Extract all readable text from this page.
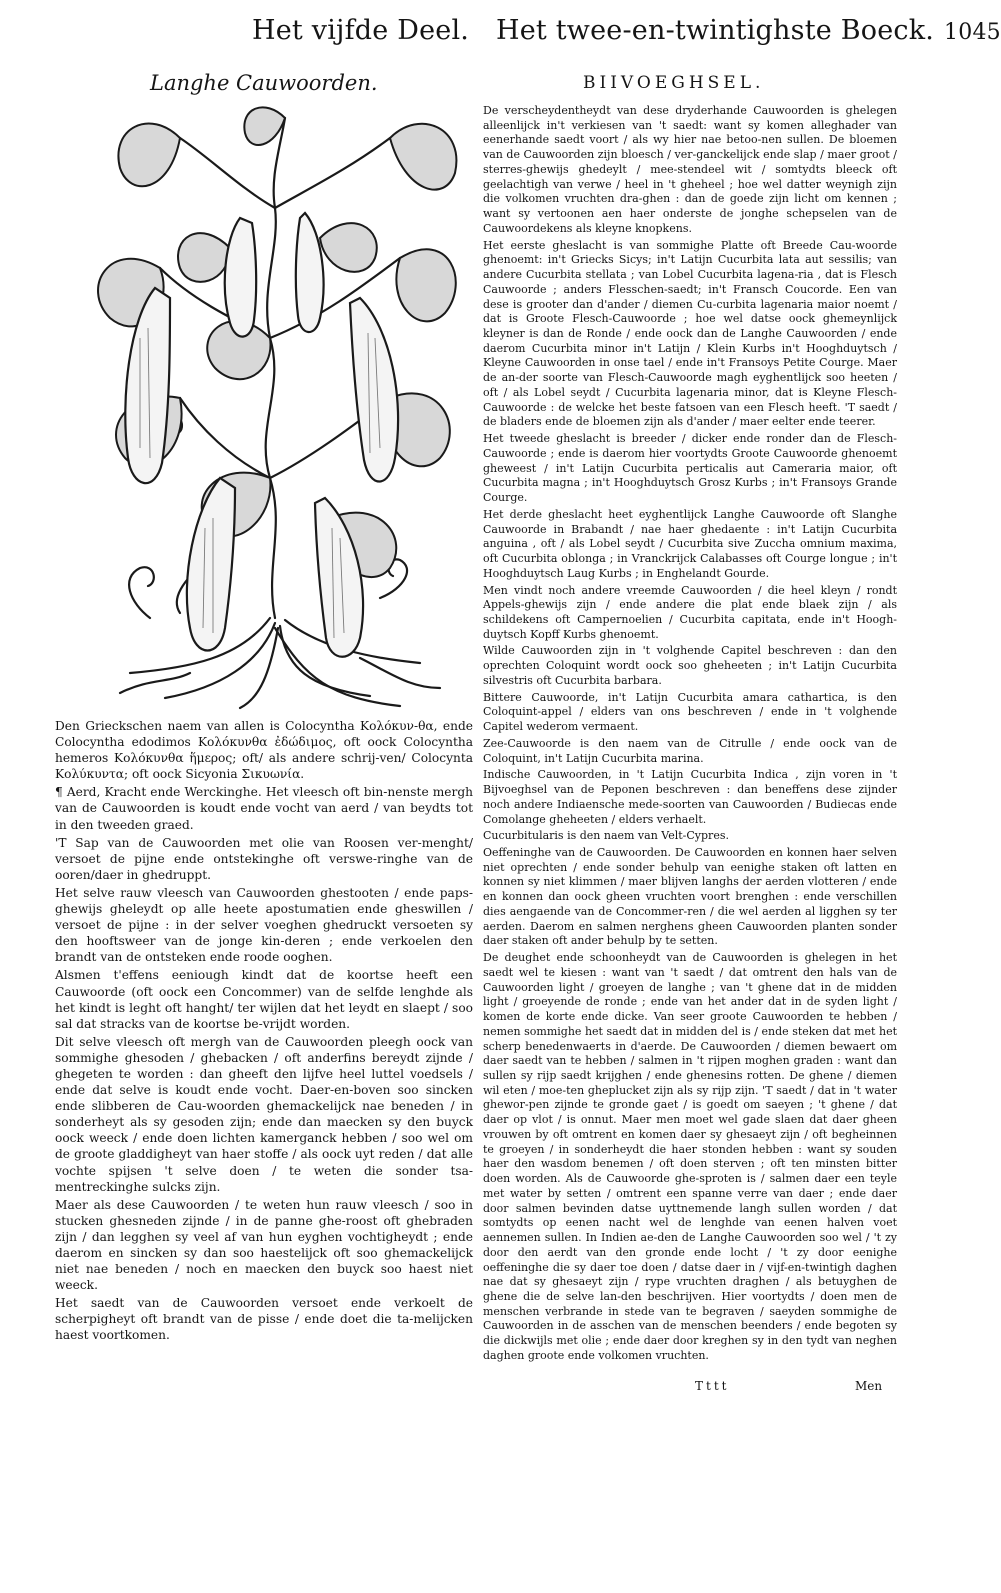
Het vijfde Deel. Het twee-en-twintighste Boeck. 1045
Langhe Cauwoorden.	BIIVOEGHSEL.

Den Grieckschen naem van allen is Colocyntha Κολόκυν-θα, ende Colocyntha edodimos Κολόκυνθα ἐδώδιμος, oft oock Colocyntha hemeros Κολόκυνθα ἥμερος; oft/ als andere schrij-ven/ Colocynta Κολύκυντα; oft oock Sicyonia Σικυωνία.

¶ Aerd, Kracht ende Werckinghe. Het vleesch oft bin-nenste mergh van de Cauwoorden is koudt ende vocht van aerd / van beydts tot in den tweeden graed.

'T Sap van de Cauwoorden met olie van Roosen ver-menght/ versoet de pijne ende ontstekinghe oft verswe-ringhe van de ooren/daer in ghedruppt.

Het selve rauw vleesch van Cauwoorden ghestooten / ende paps-ghewijs gheleydt op alle heete apostumatien ende gheswillen / versoet de pijne : in der selver voeghen ghedruckt versoeten sy den hooftsweer van de jonge kin-deren ; ende verkoelen den brandt van de ontsteken ende roode ooghen.

Alsmen t'effens eeniough kindt dat de koortse heeft een Cauwoorde (oft oock een Concommer) van de selfde lenghde als het kindt is leght oft hanght/ ter wijlen dat het leydt en slaept / soo sal dat stracks van de koortse be-vrijdt worden.

Dit selve vleesch oft mergh van de Cauwoorden pleegh oock van sommighe ghesoden / ghebacken / oft anderfins bereydt zijnde / ghegeten te worden : dan gheeft den lijfve heel luttel voedsels / ende dat selve is koudt ende vocht. Daer-en-boven soo sincken ende slibberen de Cau-woorden ghemackelijck nae beneden / in sonderheyt als sy gesoden zijn; ende dan maecken sy den buyck oock weeck / ende doen lichten kamerganck hebben / soo wel om de groote gladdigheyt van haer stoffe / als oock uyt reden / dat alle vochte spijsen 't selve doen / te weten die sonder tsa-mentreckinghe sulcks zijn.

Maer als dese Cauwoorden / te weten hun rauw vleesch / soo in stucken ghesneden zijnde / in de panne ghe-roost oft ghebraden zijn / dan legghen sy veel af van hun eyghen vochtigheydt ; ende daerom en sincken sy dan soo haestelijck oft soo ghemackelijck niet nae beneden / noch en maecken den buyck soo haest niet weeck.

Het saedt van de Cauwoorden versoet ende verkoelt de scherpigheyt oft brandt van de pisse / ende doet die ta-melijcken haest voortkomen.

De verscheydentheydt van dese dryderhande Cauwoorden is ghelegen alleenlijck in't verkiesen van 't saedt: want sy komen alleghader van eenerhande saedt voort / als wy hier nae betoo-nen sullen. De bloemen van de Cauwoorden zijn bloesch / ver-ganckelijck ende slap / maer groot / sterres-ghewijs ghedeylt / mee-stendeel wit / somtydts bleeck oft geelachtigh van verwe / heel in 't gheheel ; hoe wel datter weynigh zijn die volkomen vruchten dra-ghen : dan de goede zijn licht om kennen ; want sy vertoonen aen haer onderste de jonghe schepselen van de Cauwoordekens als kleyne knopkens.

Het eerste gheslacht is van sommighe Platte oft Breede Cau-woorde ghenoemt: in't Griecks Sicys; in't Latijn Cucurbita lata aut sessilis; van andere Cucurbita stellata ; van Lobel Cucurbita lagena-ria , dat is Flesch Cauwoorde ; anders Flesschen-saedt; in't Fransch Coucorde. Een van dese is grooter dan d'ander / diemen Cu-curbita lagenaria maior noemt / dat is Groote Flesch-Cauwoorde ; hoe wel datse oock ghemeynlijck kleyner is dan de Ronde / ende oock dan de Langhe Cauwoorden / ende daerom Cucurbita minor in't Latijn / Klein Kurbs in't Hooghduytsch / Kleyne Cauwoorden in onse tael / ende in't Fransoys Petite Courge. Maer de an-der soorte van Flesch-Cauwoorde magh eyghentlijck soo heeten / oft / als Lobel seydt / Cucurbita lagenaria minor, dat is Kleyne Flesch-Cauwoorde : de welcke het beste fatsoen van een Flesch heeft. 'T saedt / de bladers ende de bloemen zijn als d'ander / maer eelter ende teerer.

Het tweede gheslacht is breeder / dicker ende ronder dan de Flesch-Cauwoorde ; ende is daerom hier voortydts Groote Cauwoorde ghenoemt gheweest / in't Latijn Cucurbita perticalis aut Cameraria maior, oft Cucurbita magna ; in't Hooghduytsch Grosz Kurbs ; in't Fransoys Grande Courge.

Het derde gheslacht heet eyghentlijck Langhe Cauwoorde oft Slanghe Cauwoorde in Brabandt / nae haer ghedaente : in't Latijn Cucurbita anguina , oft / als Lobel seydt / Cucurbita sive Zuccha omnium maxima, oft Cucurbita oblonga ; in Vranckrijck Calabasses oft Courge longue ; in't Hooghduytsch Laug Kurbs ; in Enghelandt Gourde.

Men vindt noch andere vreemde Cauwoorden / die heel kleyn / rondt Appels-ghewijs zijn / ende andere die plat ende blaek zijn / als schildekens oft Campernoelien / Cucurbita capitata, ende in't Hoogh-duytsch Kopff Kurbs ghenoemt.

Wilde Cauwoorden zijn in 't volghende Capitel beschreven : dan den oprechten Coloquint wordt oock soo gheheeten ; in't Latijn Cucurbita silvestris oft Cucurbita barbara.

Bittere Cauwoorde, in't Latijn Cucurbita amara cathartica, is den Coloquint-appel / elders van ons beschreven / ende in 't volghende Capitel wederom vermaent.

Zee-Cauwoorde is den naem van de Citrulle / ende oock van de Coloquint, in't Latijn Cucurbita marina.

Indische Cauwoorden, in 't Latijn Cucurbita Indica , zijn voren in 't Bijvoeghsel van de Peponen beschreven : dan beneffens dese zijnder noch andere Indiaensche mede-soorten van Cauwoorden / Budiecas ende Comolange gheheeten / elders verhaelt.

Cucurbitularis is den naem van Velt-Cypres.

Oeffeninghe van de Cauwoorden. De Cauwoorden en konnen haer selven niet oprechten / ende sonder behulp van eenighe staken oft latten en konnen sy niet klimmen / maer blijven langhs der aerden vlotteren / ende en konnen dan oock gheen vruchten voort brenghen : ende verschillen dies aengaende van de Concommer-ren / die wel aerden al ligghen sy ter aerden. Daerom en salmen nerghens gheen Cauwoorden planten sonder daer staken oft ander behulp by te setten.

De deughet ende schoonheydt van de Cauwoorden is ghelegen in het saedt wel te kiesen : want van 't saedt / dat omtrent den hals van de Cauwoorden light / groeyen de langhe ; van 't ghene dat in de midden light / groeyende de ronde ; ende van het ander dat in de syden light / komen de korte ende dicke. Van seer groote Cauwoorden te hebben / nemen sommighe het saedt dat in midden del is / ende steken dat met het scherp benedenwaerts in d'aerde. De Cauwoorden / diemen bewaert om daer saedt van te hebben / salmen in 't rijpen moghen graden : want dan sullen sy rijp saedt krijghen / ende ghenesins rotten. De ghene / diemen wil eten / moe-ten gheplucket zijn als sy rijp zijn. 'T saedt / dat in 't water ghewor-pen zijnde te gronde gaet / is goedt om saeyen ; 't ghene / dat daer op vlot / is onnut. Maer men moet wel gade slaen dat daer gheen vrouwen by oft omtrent en komen daer sy ghesaeyt zijn / oft begheinnen te groeyen / in sonderheydt die haer stonden hebben : want sy souden haer den wasdom benemen / oft doen sterven ; oft ten minsten bitter doen worden. Als de Cauwoorde ghe-sproten is / salmen daer een teyle met water by setten / omtrent een spanne verre van daer ; ende daer door salmen bevinden datse uyttnemende langh sullen worden / dat somtydts op eenen nacht wel de lenghde van eenen halven voet aennemen sullen. In Indien ae-den de Langhe Cauwoorden soo wel / 't zy door den aerdt van den gronde ende locht / 't zy door eenighe oeffeninghe die sy daer toe doen / datse daer in / vijf-en-twintigh daghen nae dat sy ghesaeyt zijn / rype vruchten draghen / als betuyghen de ghene die de selve lan-den beschrijven. Hier voortydts / doen men de menschen verbrande in stede van te begraven / saeyden sommighe de Cauwoorden in de asschen van de menschen beenders / ende begoten sy die dickwijls met olie ; ende daer door kreghen sy in den tydt van neghen daghen groote ende volkomen vruchten.

Tttt	Men
